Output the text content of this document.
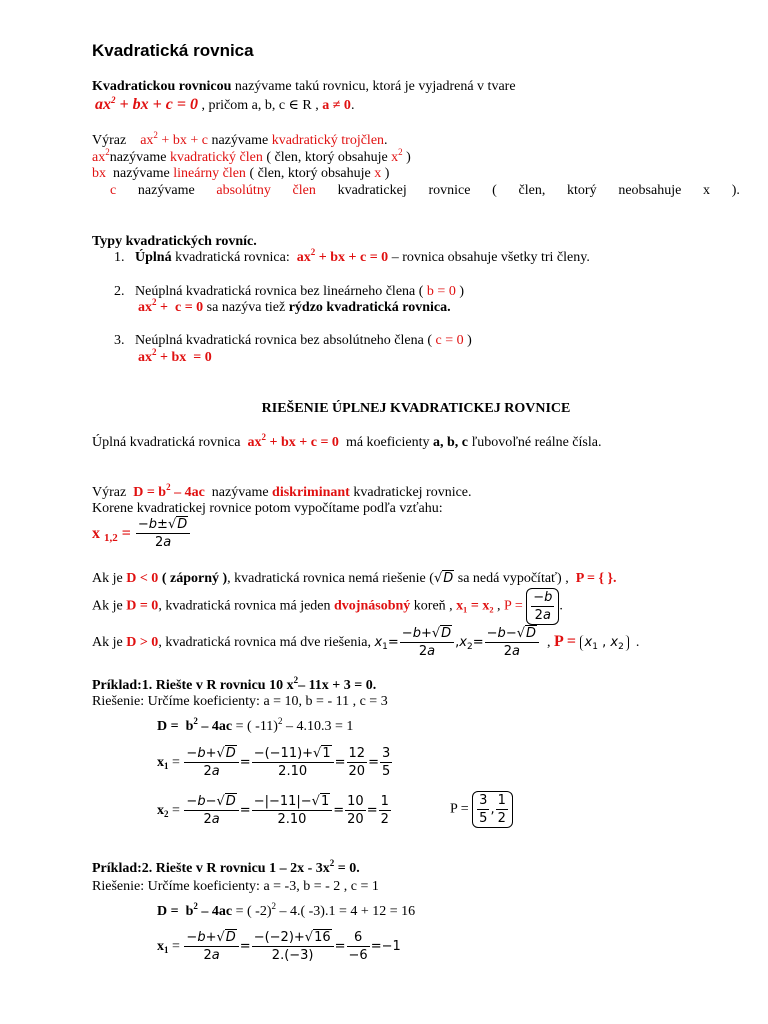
Kvadratická rovnica
Kvadratickou rovnicou nazývame takú rovnicu, ktorá je vyjadrená v tvare
$ax^2$ + bx + c = 0 , pričom a, b, c ∈ R , a ≠ 0.
Výraz $ax^2$ + bx + c nazývame kvadratický trojčlen.
$ax^2nazývame$ kvadratický člen ( člen, ktorý obsahuje $x^2$ )
bx nazývame lineárny člen ( člen, ktorý obsahuje x )
c nazývame absolútny člen kvadratickej rovnice ( člen, ktorý neobsahuje x ).
Typy kvadratických rovníc.
1. Úplná kvadratická rovnica: $ax^2$ + bx + c = 0 – rovnica obsahuje všetky tri členy.
2. Neúplná kvadratická rovnica bez lineárneho člena ( b = 0 )
$ax^2 + c = 0$ sa nazýva tiež rýdzo kvadratická rovnica.
3. Neúplná kvadratická rovnica bez absolútneho člena ( c = 0 )
$ax^2$ + bx  = 0
RIEŠENIE ÚPLNEJ KVADRATICKEJ ROVNICE
Úplná kvadratická rovnica $ax^2$ + bx + c = 0 má koeficienty a, b, c ľubovoľné reálne čísla.
Výraz $D = b^2 - 4ac$ nazývame diskriminant kvadratickej rovnice.
Korene kvadratickej rovnice potom vypočítame podľa vzťahu:
x $_{1,2} = \frac{-b\pm√D}{2a}$
Ak je D < 0 ( záporný ), kvadratická rovnica nemá riešenie (√D sa nedá vypočítať) , P = { }.
Ak je D = 0, kvadratická rovnica má jeden dvojnásobný koreň , x₁ = x₂ , $P = \frac{-b}{2a}$ .
Ak je D > 0, kvadratická rovnica má dve riešenia, $x_1= \frac{-b+√D}{2a} ,x_2= \frac{-b-√D}{2a}$ , $P = x_1$ , $x_2$  .
Príklad:1. Riešte v R rovnicu 10 $x^2-$ 11x + 3 = 0.
Riešenie: Určíme koeficienty: a = 10, b = - 11 , c = 3
$D = b^2 - 4ac$ = ( -11)$^2$ – 4.10.3 = 1
$x_1 = \frac{-b+√D}{2a} = \frac{-(-11)+√1}{2.10} = \frac{12}{20} = \frac{3}{5}$
$x_2 = \frac{-b-√D}{2a} = \frac{-|-11|-√1}{2.10} = \frac{10}{20} = \frac{1}{2}$	$P = \frac{3}{5}$ , $\frac{1}{2}$
Príklad:2. Riešte v R rovnicu $1 - 2x - 3x^2 = 0$.
Riešenie: Určíme koeficienty: a = -3, b = - 2 , c = 1
$D = b^2 - 4ac$ = ( -2)$^2$ – 4.( -3).1 = 4 + 12 = 16
$x_1 = \frac{-b+√D}{2a} = \frac{-(-2)+√16}{2.(-3)} = \frac{6}{-6} =-1$
